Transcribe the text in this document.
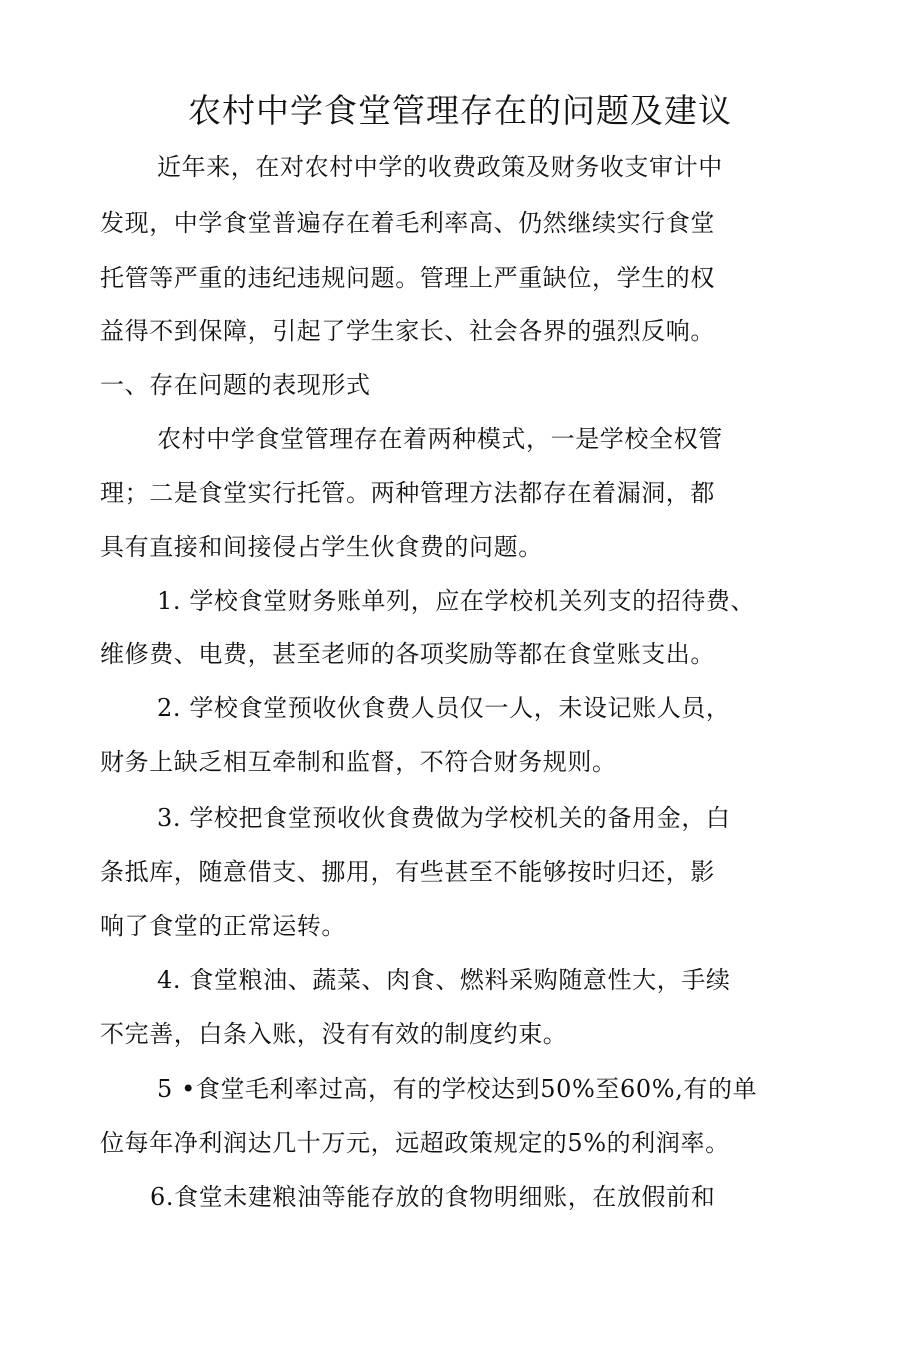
农村中学食堂管理存在的问题及建议
近年来，在对农村中学的收费政策及财务收支审计中
发现，中学食堂普遍存在着毛利率高、仍然继续实行食堂
托管等严重的违纪违规问题。管理上严重缺位，学生的权
益得不到保障，引起了学生家长、社会各界的强烈反响。
一、存在问题的表现形式
农村中学食堂管理存在着两种模式，一是学校全权管
理；二是食堂实行托管。两种管理方法都存在着漏洞，都
具有直接和间接侵占学生伙食费的问题。
1. 学校食堂财务账单列，应在学校机关列支的招待费、
维修费、电费，甚至老师的各项奖励等都在食堂账支出。
2. 学校食堂预收伙食费人员仅一人，未设记账人员，
财务上缺乏相互牵制和监督，不符合财务规则。
3. 学校把食堂预收伙食费做为学校机关的备用金，白
条抵库，随意借支、挪用，有些甚至不能够按时归还，影
响了食堂的正常运转。
4. 食堂粮油、蔬菜、肉食、燃料采购随意性大，手续
不完善，白条入账，没有有效的制度约束。
5 •食堂毛利率过高，有的学校达到50%至60%,有的单
位每年净利润达几十万元，远超政策规定的5%的利润率。
6.食堂未建粮油等能存放的食物明细账，在放假前和
